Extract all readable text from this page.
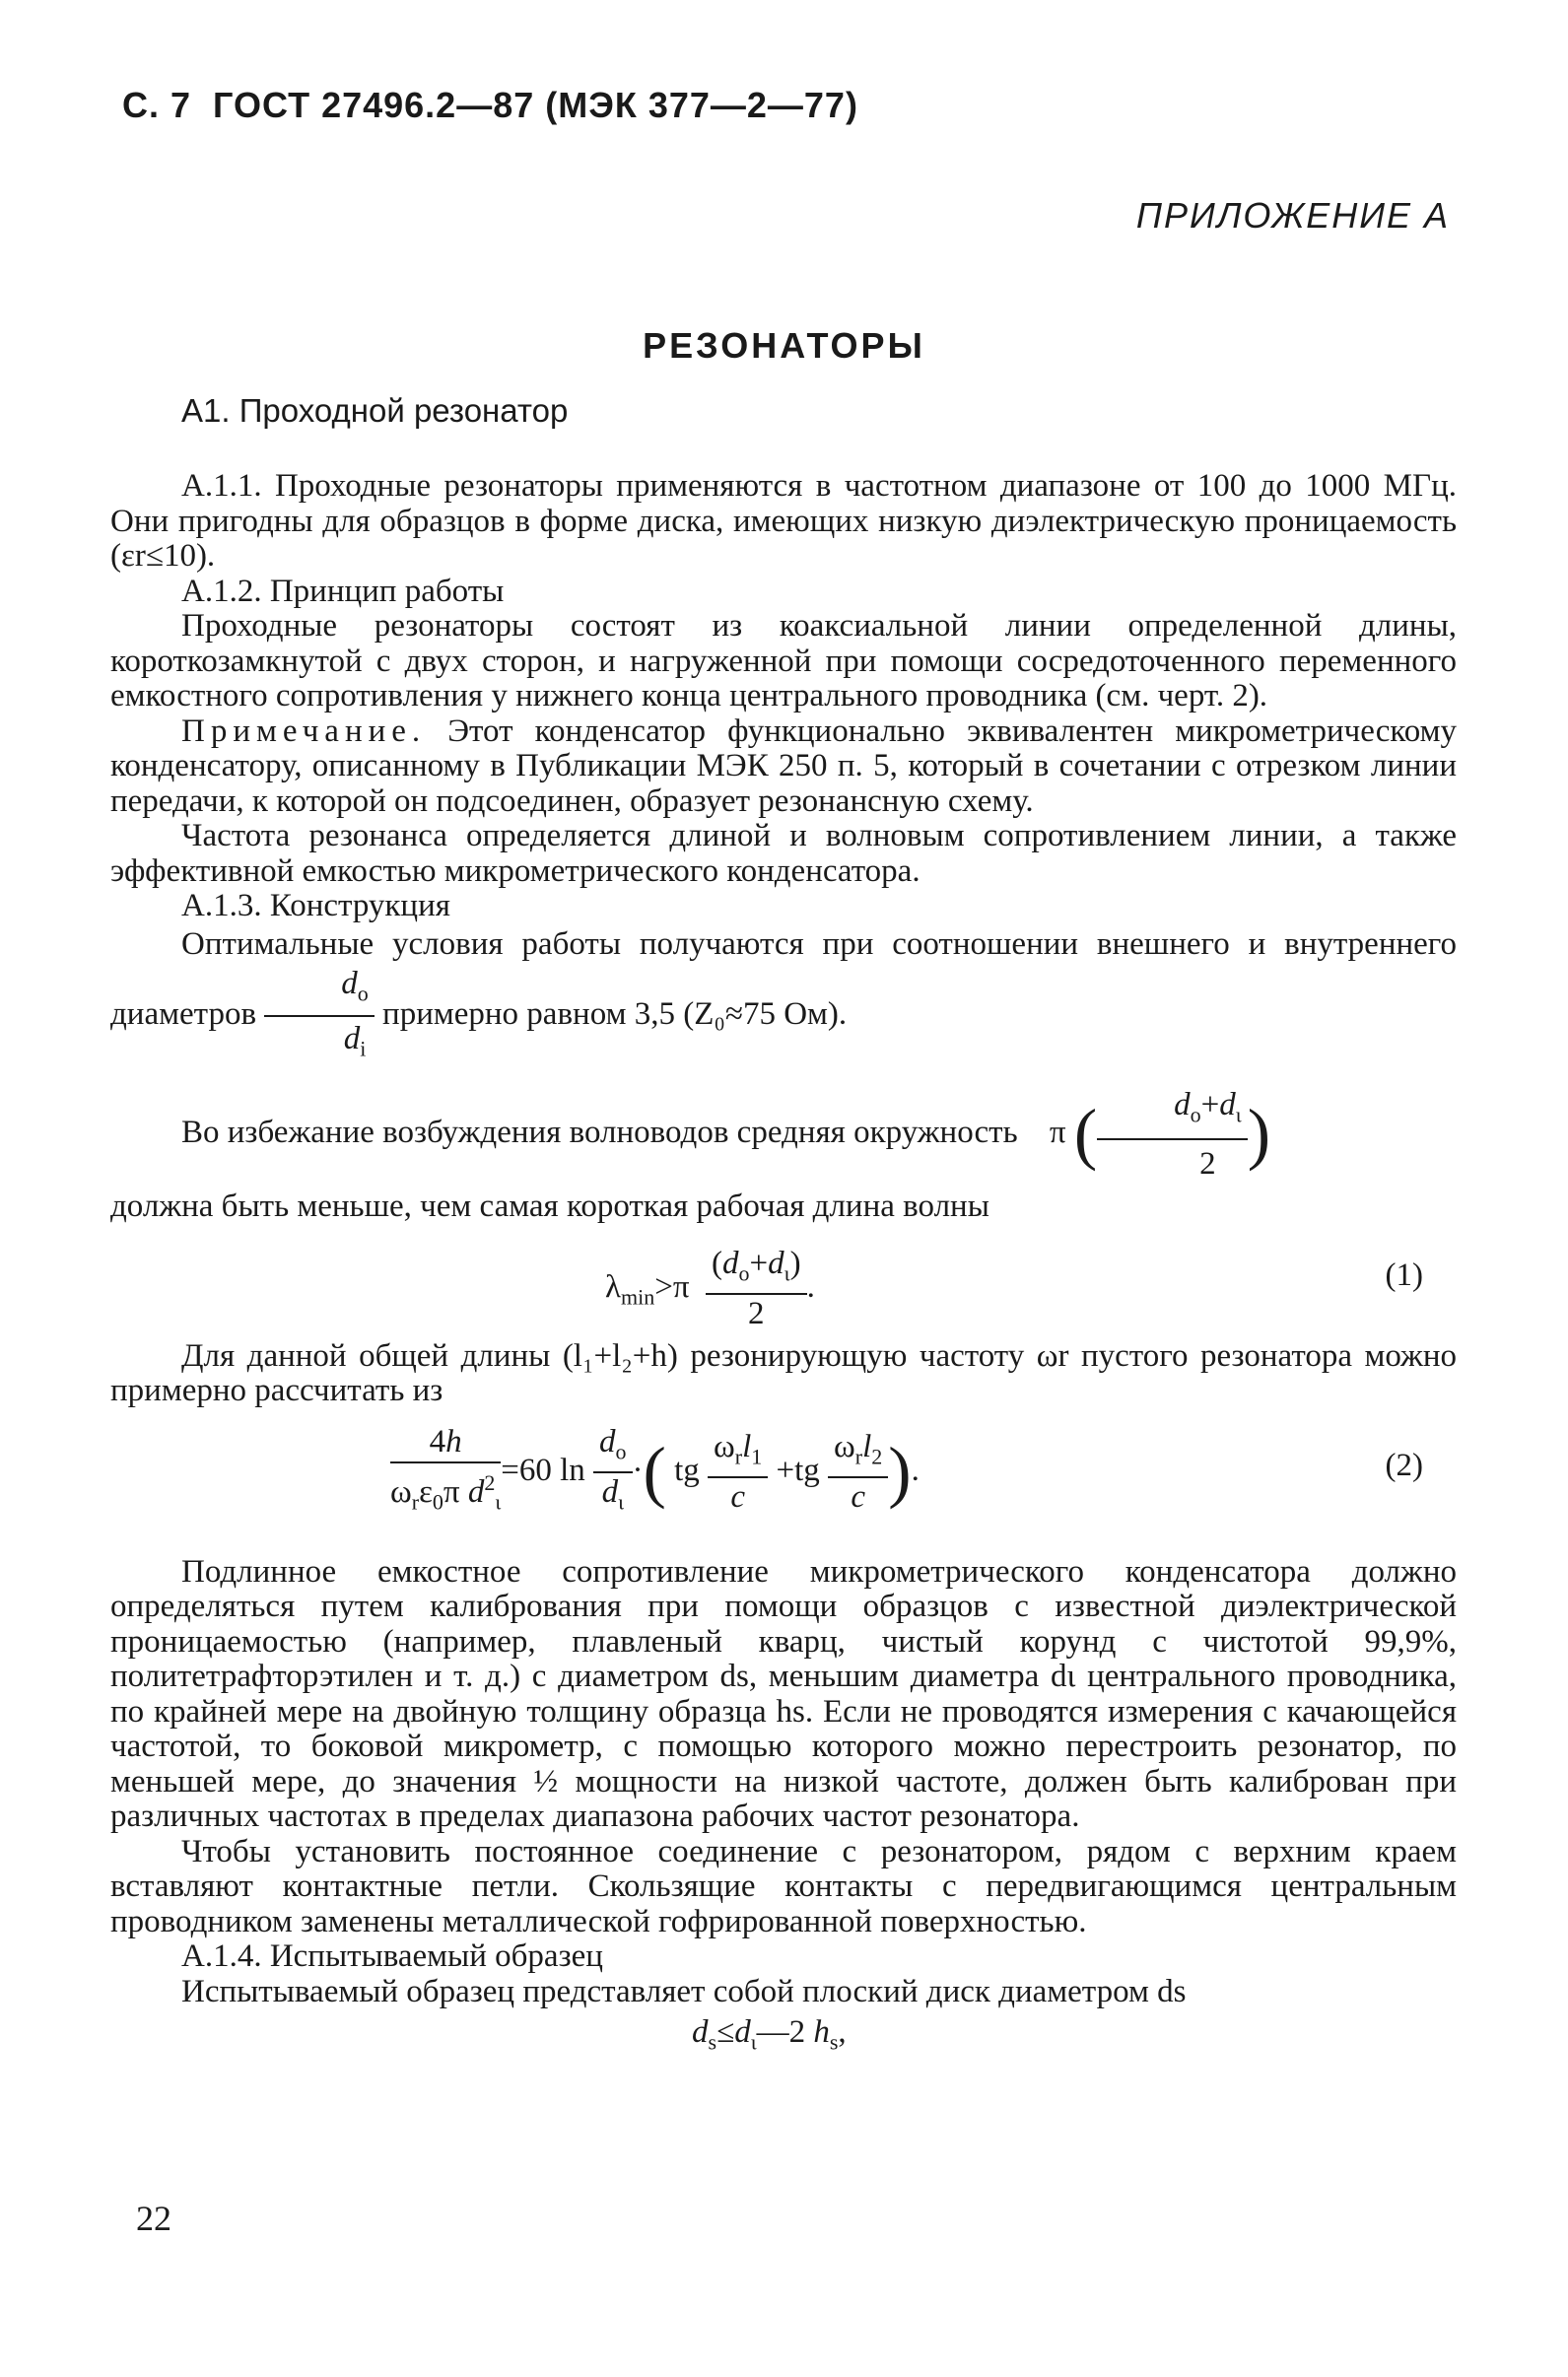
С. 7 ГОСТ 27496.2—87 (МЭК 377—2—77)
ПРИЛОЖЕНИЕ А
РЕЗОНАТОРЫ
А1. Проходной резонатор

А.1.1. Проходные резонаторы применяются в частотном диапазоне от 100 до 1000 МГц. Они пригодны для образцов в форме диска, имеющих низкую диэлектрическую проницаемость (εr≤10).

А.1.2. Принцип работы

Проходные резонаторы состоят из коаксиальной линии определенной длины, короткозамкнутой с двух сторон, и нагруженной при помощи сосредоточенного переменного емкостного сопротивления у нижнего конца центрального проводника (см. черт. 2).

Примечание. Этот конденсатор функционально эквивалентен микрометрическому конденсатору, описанному в Публикации МЭК 250 п. 5, который в сочетании с отрезком линии передачи, к которой он подсоединен, образует резонансную схему.

Частота резонанса определяется длиной и волновым сопротивлением линии, а также эффективной емкостью микрометрического конденсатора.

А.1.3. Конструкция

Оптимальные условия работы получаются при соотношении внешнего и внутреннего диаметров $\frac{d_o}{d_i}$ примерно равном 3,5 (Z₀≈75 Ом).

Во избежание возбуждения волноводов средняя окружность π ( $\frac{d_o+d_\iota}{2}$ )

должна быть меньше, чем самая короткая рабочая длина волны

$\lambda_{min}>\pi \frac{(d_o+d_\iota)}{2}$ .	(1)

Для данной общей длины (l₁+l₂+h) резонирующую частоту ωr пустого резонатора можно примерно рассчитать из

$\frac{4h}{\omega_r\varepsilon_0\pi d^2_\iota} =60$ $\ln \frac{d_o}{d_\iota}$ ·( tg $\frac{\omega_rl_1}{c} +tg \frac{\omega_rl_2}{c}$ ).	(2)

Подлинное емкостное сопротивление микрометрического конденсатора должно определяться путем калибрования при помощи образцов с известной диэлектрической проницаемостью (например, плавленый кварц, чистый корунд с чистотой 99,9%, политетрафторэтилен и т. д.) с диаметром ds, меньшим диаметра dι центрального проводника, по крайней мере на двойную толщину образца hs. Если не проводятся измерения с качающейся частотой, то боковой микрометр, с помощью которого можно перестроить резонатор, по меньшей мере, до значения ½ мощности на низкой частоте, должен быть калиброван при различных частотах в пределах диапазона рабочих частот резонатора.

Чтобы установить постоянное соединение с резонатором, рядом с верхним краем вставляют контактные петли. Скользящие контакты с передвигающимся центральным проводником заменены металлической гофрированной поверхностью.

А.1.4. Испытываемый образец

Испытываемый образец представляет собой плоский диск диаметром ds

$d_s\le d_\iota—2$ $h_s$,
22
